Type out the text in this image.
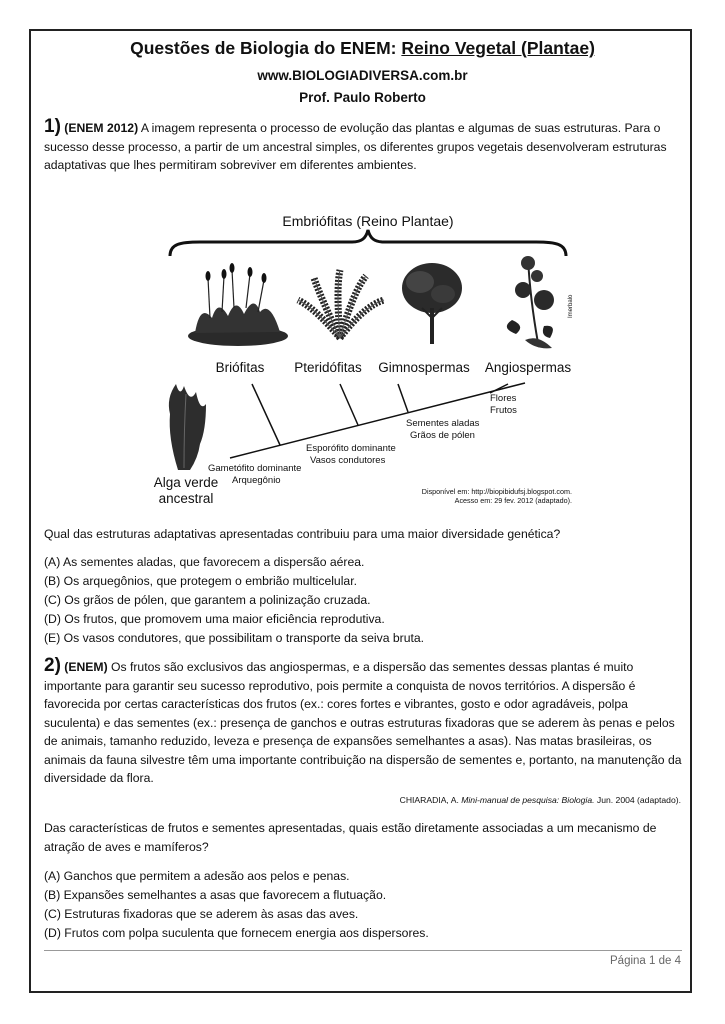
Questões de Biologia do ENEM: Reino Vegetal (Plantae)
www.BIOLOGIADIVERSA.com.br
Prof. Paulo Roberto
1) (ENEM 2012) A imagem representa o processo de evolução das plantas e algumas de suas estruturas. Para o sucesso desse processo, a partir de um ancestral simples, os diferentes grupos vegetais desenvolveram estruturas adaptativas que lhes permitiram sobreviver em diferentes ambientes.
Embriófitas (Reino Plantae)
Imerbalo
Briófitas Pteridófitas Gimnospermas Angiospermas
Alga verde
ancestral
Gametófito dominante
Arquegônio
Esporófito dominante
Vasos condutores
Sementes aladas
Grãos de pólen
Flores
Frutos
Disponível em: http://biopibidufsj.blogspot.com.
Acesso em: 29 fev. 2012 (adaptado).
Qual das estruturas adaptativas apresentadas contribuiu para uma maior diversidade genética?
(A) As sementes aladas, que favorecem a dispersão aérea.
(B) Os arquegônios, que protegem o embrião multicelular.
(C) Os grãos de pólen, que garantem a polinização cruzada.
(D) Os frutos, que promovem uma maior eficiência reprodutiva.
(E) Os vasos condutores, que possibilitam o transporte da seiva bruta.
2) (ENEM) Os frutos são exclusivos das angiospermas, e a dispersão das sementes dessas plantas é muito importante para garantir seu sucesso reprodutivo, pois permite a conquista de novos territórios. A dispersão é favorecida por certas características dos frutos (ex.: cores fortes e vibrantes, gosto e odor agradáveis, polpa suculenta) e das sementes (ex.: presença de ganchos e outras estruturas fixadoras que se aderem às penas e pelos de animais, tamanho reduzido, leveza e presença de expansões semelhantes a asas). Nas matas brasileiras, os animais da fauna silvestre têm uma importante contribuição na dispersão de sementes e, portanto, na manutenção da diversidade da flora.
CHIARADIA, A. Mini-manual de pesquisa: Biologia. Jun. 2004 (adaptado).
Das características de frutos e sementes apresentadas, quais estão diretamente associadas a um mecanismo de atração de aves e mamíferos?
(A) Ganchos que permitem a adesão aos pelos e penas.
(B) Expansões semelhantes a asas que favorecem a flutuação.
(C) Estruturas fixadoras que se aderem às asas das aves.
(D) Frutos com polpa suculenta que fornecem energia aos dispersores.
Página 1 de 4
